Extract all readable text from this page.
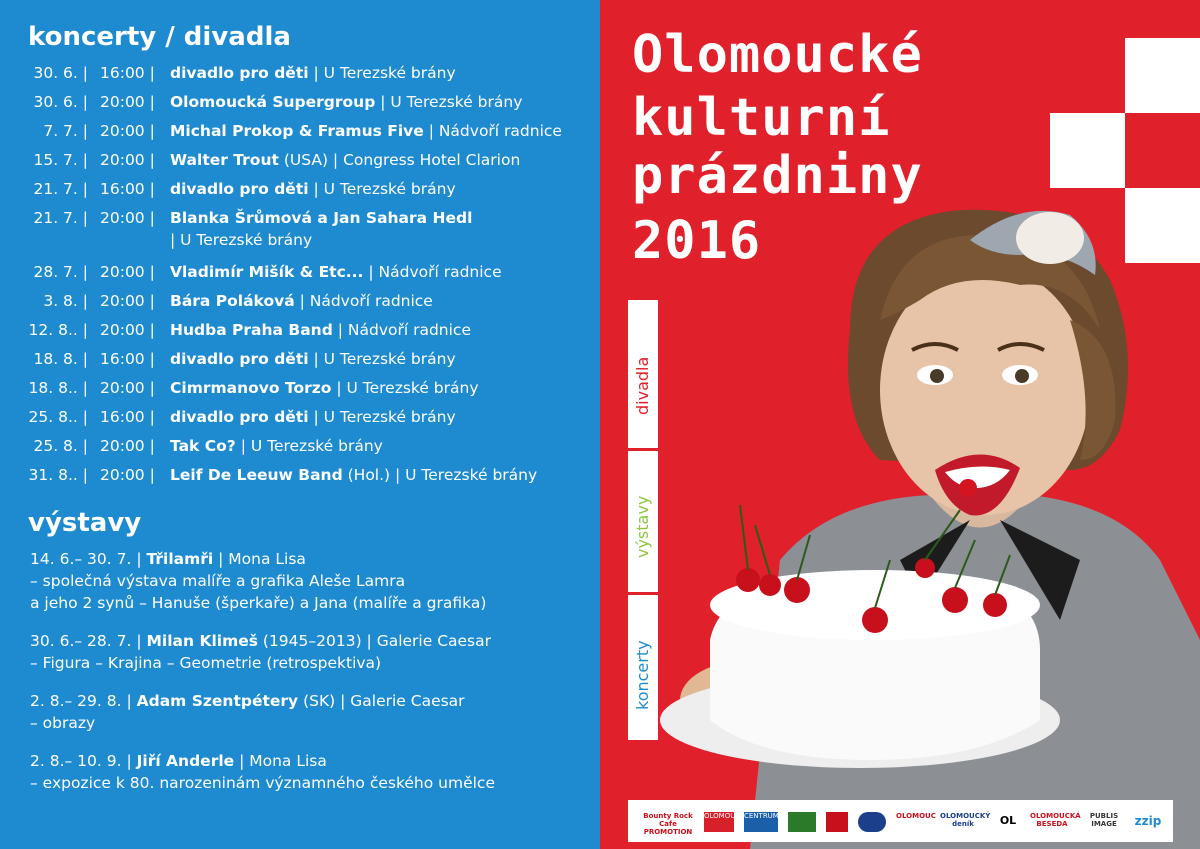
koncerty / divadla
30. 6. | 16:00 | divadlo pro děti | U Terezské brány
30. 6. | 20:00 | Olomoucká Supergroup | U Terezské brány
7. 7. | 20:00 | Michal Prokop & Framus Five | Nádvoří radnice
15. 7. | 20:00 | Walter Trout (USA) | Congress Hotel Clarion
21. 7. | 16:00 | divadlo pro děti | U Terezské brány
21. 7. | 20:00 | Blanka Šrůmová a Jan Sahara Hedl
| U Terezské brány
28. 7. | 20:00 | Vladimír Mišík & Etc... | Nádvoří radnice
3. 8. | 20:00 | Bára Poláková | Nádvoří radnice
12. 8.. | 20:00 | Hudba Praha Band | Nádvoří radnice
18. 8. | 16:00 | divadlo pro děti | U Terezské brány
18. 8.. | 20:00 | Cimrmanovo Torzo | U Terezské brány
25. 8.. | 16:00 | divadlo pro děti | U Terezské brány
25. 8. | 20:00 | Tak Co? | U Terezské brány
31. 8.. | 20:00 | Leif De Leeuw Band (Hol.) | U Terezské brány
výstavy
14. 6.– 30. 7. | Třilamři | Mona Lisa
– společná výstava malíře a grafika Aleše Lamra
a jeho 2 synů – Hanuše (šperkaře) a Jana (malíře a grafika)
30. 6.– 28. 7. | Milan Klimeš (1945–2013) | Galerie Caesar
– Figura – Krajina – Geometrie (retrospektiva)
2. 8.– 29. 8. | Adam Szentpétery (SK) | Galerie Caesar
– obrazy
2. 8.– 10. 9. | Jiří Anderle | Mona Lisa
– expozice k 80. narozeninám významného českého umělce
Olomoucké
kulturní
prázdniny
2016
divadla
výstavy
koncerty
Bounty Rock Cafe PROMOTION
OLOMOUC CENTRUM	OLOMOUC OLOMOUCKÝ deník	OL	OLOMOUCKÁ BESEDA
PUBLIS IMAGE	zzip
